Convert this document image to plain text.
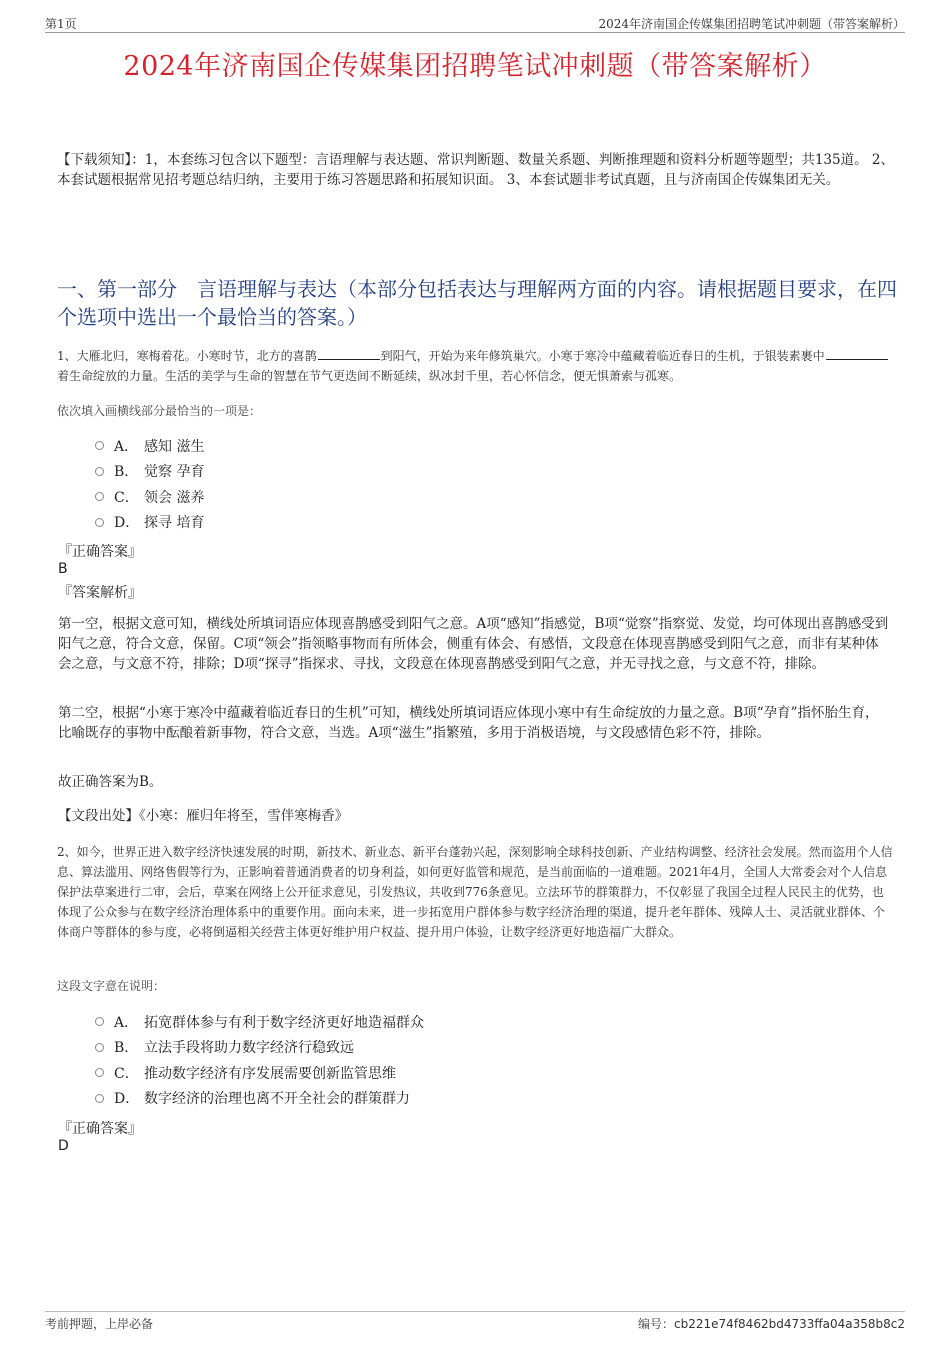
第1页	2024年济南国企传媒集团招聘笔试冲刺题（带答案解析）
2024年济南国企传媒集团招聘笔试冲刺题（带答案解析）
【下载须知】：1，本套练习包含以下题型：言语理解与表达题、常识判断题、数量关系题、判断推理题和资料分析题等题型；共135道。 2、本套试题根据常见招考题总结归纳，主要用于练习答题思路和拓展知识面。 3、本套试题非考试真题，且与济南国企传媒集团无关。
一、第一部分　言语理解与表达（本部分包括表达与理解两方面的内容。请根据题目要求，在四个选项中选出一个最恰当的答案。）
1、大雁北归，寒梅着花。小寒时节，北方的喜鹊	到阳气，开始为来年修筑巢穴。小寒于寒冷中蕴藏着临近春日的生机，于银装素裹中着生命绽放的力量。生活的美学与生命的智慧在节气更迭间不断延续，纵冰封千里，若心怀信念，便无惧萧索与孤寒。
依次填入画横线部分最恰当的一项是：
A． 感知 滋生
B． 觉察 孕育
C． 领会 滋养
D． 探寻 培育
『正确答案』
B
『答案解析』
第一空，根据文意可知，横线处所填词语应体现喜鹊感受到阳气之意。A项“感知”指感觉，B项“觉察”指察觉、发觉，均可体现出喜鹊感受到阳气之意，符合文意，保留。C项“领会”指领略事物而有所体会，侧重有体会、有感悟，文段意在体现喜鹊感受到阳气之意，而非有某种体会之意，与文意不符，排除；D项“探寻”指探求、寻找，文段意在体现喜鹊感受到阳气之意，并无寻找之意，与文意不符，排除。
第二空，根据“小寒于寒冷中蕴藏着临近春日的生机”可知，横线处所填词语应体现小寒中有生命绽放的力量之意。B项“孕育”指怀胎生育，比喻既存的事物中酝酿着新事物，符合文意，当选。A项“滋生”指繁殖，多用于消极语境，与文段感情色彩不符，排除。
故正确答案为B。
【文段出处】《小寒：雁归年将至，雪伴寒梅香》
2、如今，世界正进入数字经济快速发展的时期，新技术、新业态、新平台蓬勃兴起，深刻影响全球科技创新、产业结构调整、经济社会发展。然而盗用个人信息、算法滥用、网络售假等行为，正影响着普通消费者的切身利益，如何更好监管和规范，是当前面临的一道难题。2021年4月，全国人大常委会对个人信息保护法草案进行二审，会后，草案在网络上公开征求意见，引发热议，共收到776条意见。立法环节的群策群力，不仅彰显了我国全过程人民民主的优势，也体现了公众参与在数字经济治理体系中的重要作用。面向未来，进一步拓宽用户群体参与数字经济治理的渠道，提升老年群体、残障人士、灵活就业群体、个体商户等群体的参与度，必将倒逼相关经营主体更好维护用户权益、提升用户体验，让数字经济更好地造福广大群众。
这段文字意在说明：
A． 拓宽群体参与有利于数字经济更好地造福群众
B． 立法手段将助力数字经济行稳致远
C． 推动数字经济有序发展需要创新监管思维
D． 数字经济的治理也离不开全社会的群策群力
『正确答案』
D
考前押题，上岸必备	编号：cb221e74f8462bd4733ffa04a358b8c2
